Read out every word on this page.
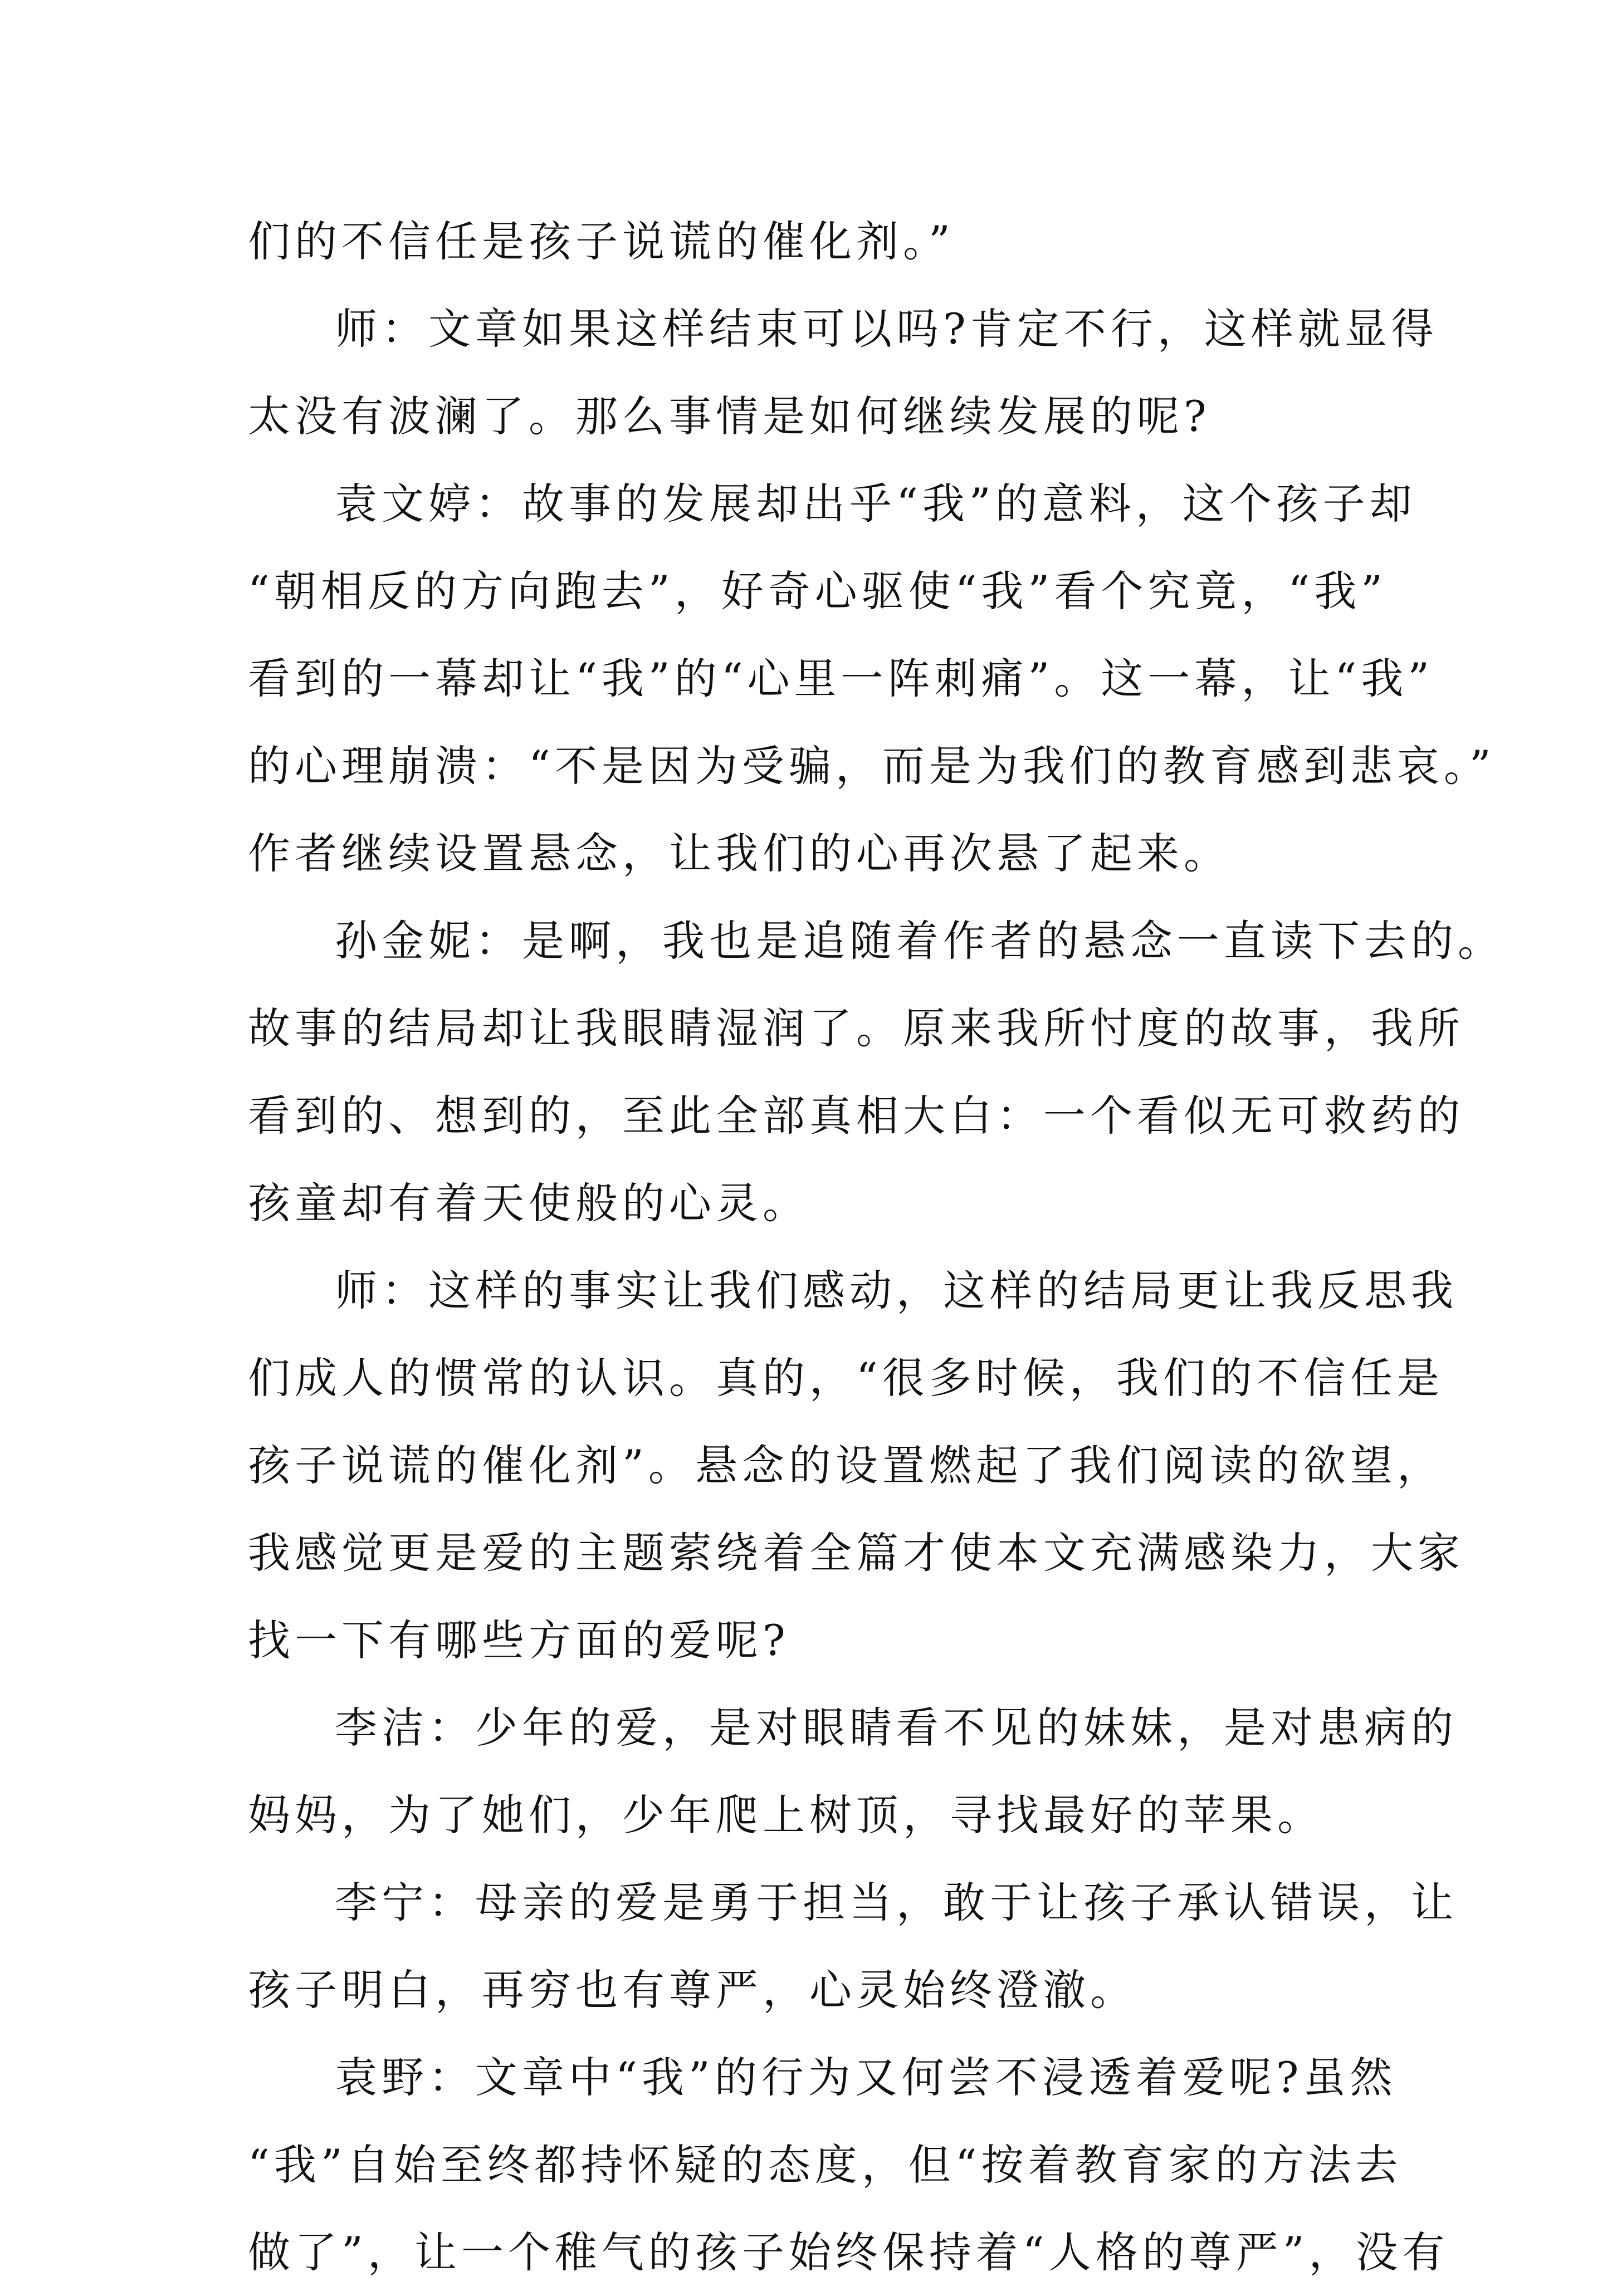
们的不信任是孩子说谎的催化剂。”
师：文章如果这样结束可以吗?肯定不行，这样就显得
太没有波澜了。那么事情是如何继续发展的呢?
袁文婷：故事的发展却出乎“我”的意料，这个孩子却
“朝相反的方向跑去”，好奇心驱使“我”看个究竟，“我”
看到的一幕却让“我”的“心里一阵刺痛”。这一幕，让“我”
的心理崩溃：“不是因为受骗，而是为我们的教育感到悲哀。”
作者继续设置悬念，让我们的心再次悬了起来。
孙金妮：是啊，我也是追随着作者的悬念一直读下去的。
故事的结局却让我眼睛湿润了。原来我所忖度的故事，我所
看到的、想到的，至此全部真相大白：一个看似无可救药的
孩童却有着天使般的心灵。
师：这样的事实让我们感动，这样的结局更让我反思我
们成人的惯常的认识。真的，“很多时候，我们的不信任是
孩子说谎的催化剂”。悬念的设置燃起了我们阅读的欲望，
我感觉更是爱的主题萦绕着全篇才使本文充满感染力，大家
找一下有哪些方面的爱呢?
李洁：少年的爱，是对眼睛看不见的妹妹，是对患病的
妈妈，为了她们，少年爬上树顶，寻找最好的苹果。
李宁：母亲的爱是勇于担当，敢于让孩子承认错误，让
孩子明白，再穷也有尊严，心灵始终澄澈。
袁野：文章中“我”的行为又何尝不浸透着爱呢?虽然
“我”自始至终都持怀疑的态度，但“按着教育家的方法去
做了”，让一个稚气的孩子始终保持着“人格的尊严”，没有
